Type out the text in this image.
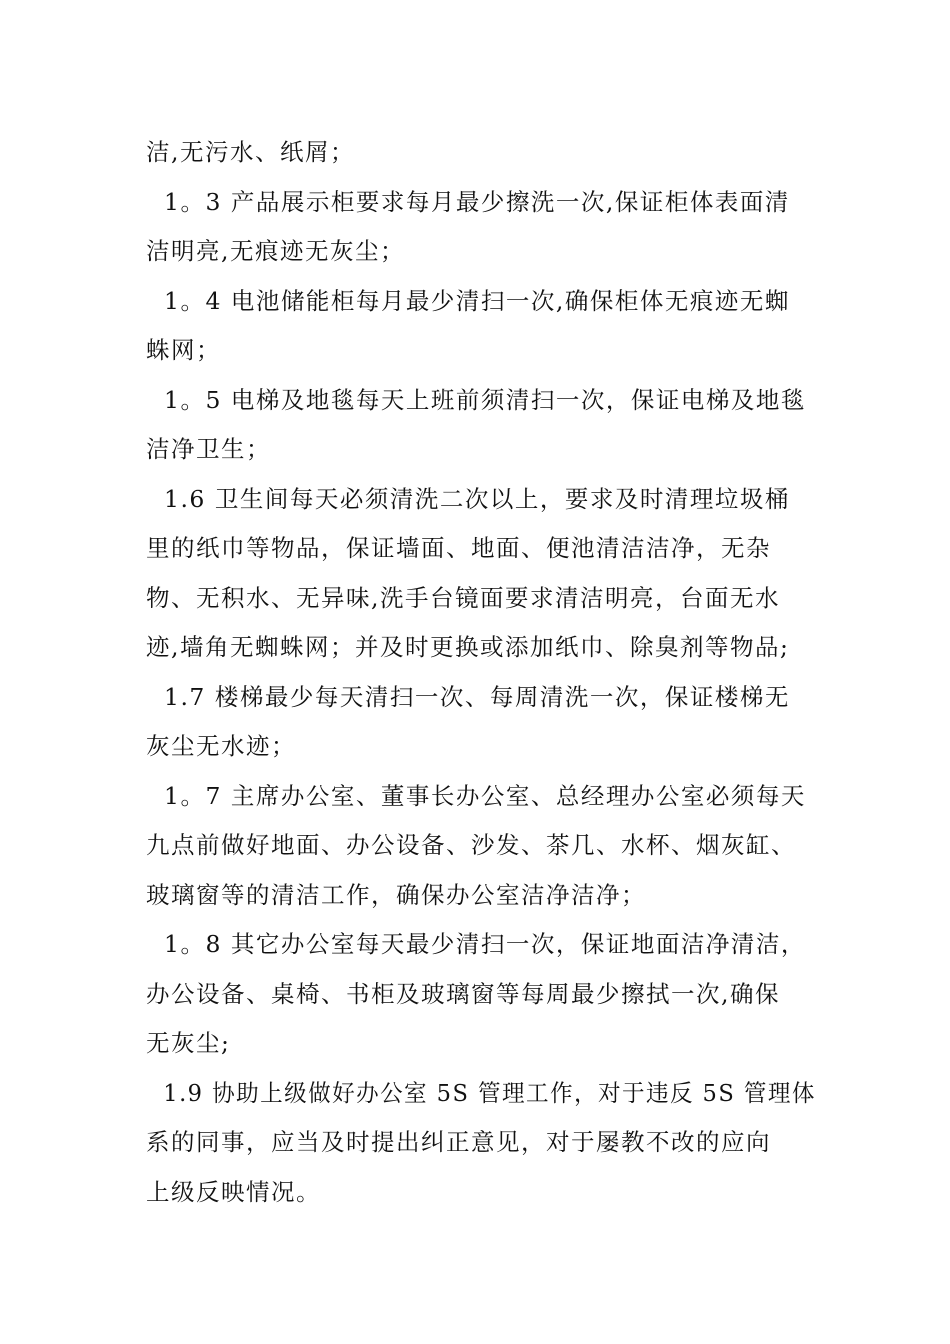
洁,无污水、纸屑；
1。3 产品展示柜要求每月最少擦洗一次,保证柜体表面清
洁明亮,无痕迹无灰尘；
1。4 电池储能柜每月最少清扫一次,确保柜体无痕迹无蜘
蛛网；
1。5 电梯及地毯每天上班前须清扫一次，保证电梯及地毯
洁净卫生；
1.6 卫生间每天必须清洗二次以上，要求及时清理垃圾桶
里的纸巾等物品，保证墙面、地面、便池清洁洁净，无杂
物、无积水、无异味,洗手台镜面要求清洁明亮，台面无水
迹,墙角无蜘蛛网；并及时更换或添加纸巾、除臭剂等物品;
1.7 楼梯最少每天清扫一次、每周清洗一次，保证楼梯无
灰尘无水迹；
1。7 主席办公室、董事长办公室、总经理办公室必须每天
九点前做好地面、办公设备、沙发、茶几、水杯、烟灰缸、
玻璃窗等的清洁工作，确保办公室洁净洁净；
1。8 其它办公室每天最少清扫一次，保证地面洁净清洁，
办公设备、桌椅、书柜及玻璃窗等每周最少擦拭一次,确保
无灰尘;
1.9 协助上级做好办公室 5S 管理工作，对于违反 5S 管理体
系的同事，应当及时提出纠正意见，对于屡教不改的应向
上级反映情况。
